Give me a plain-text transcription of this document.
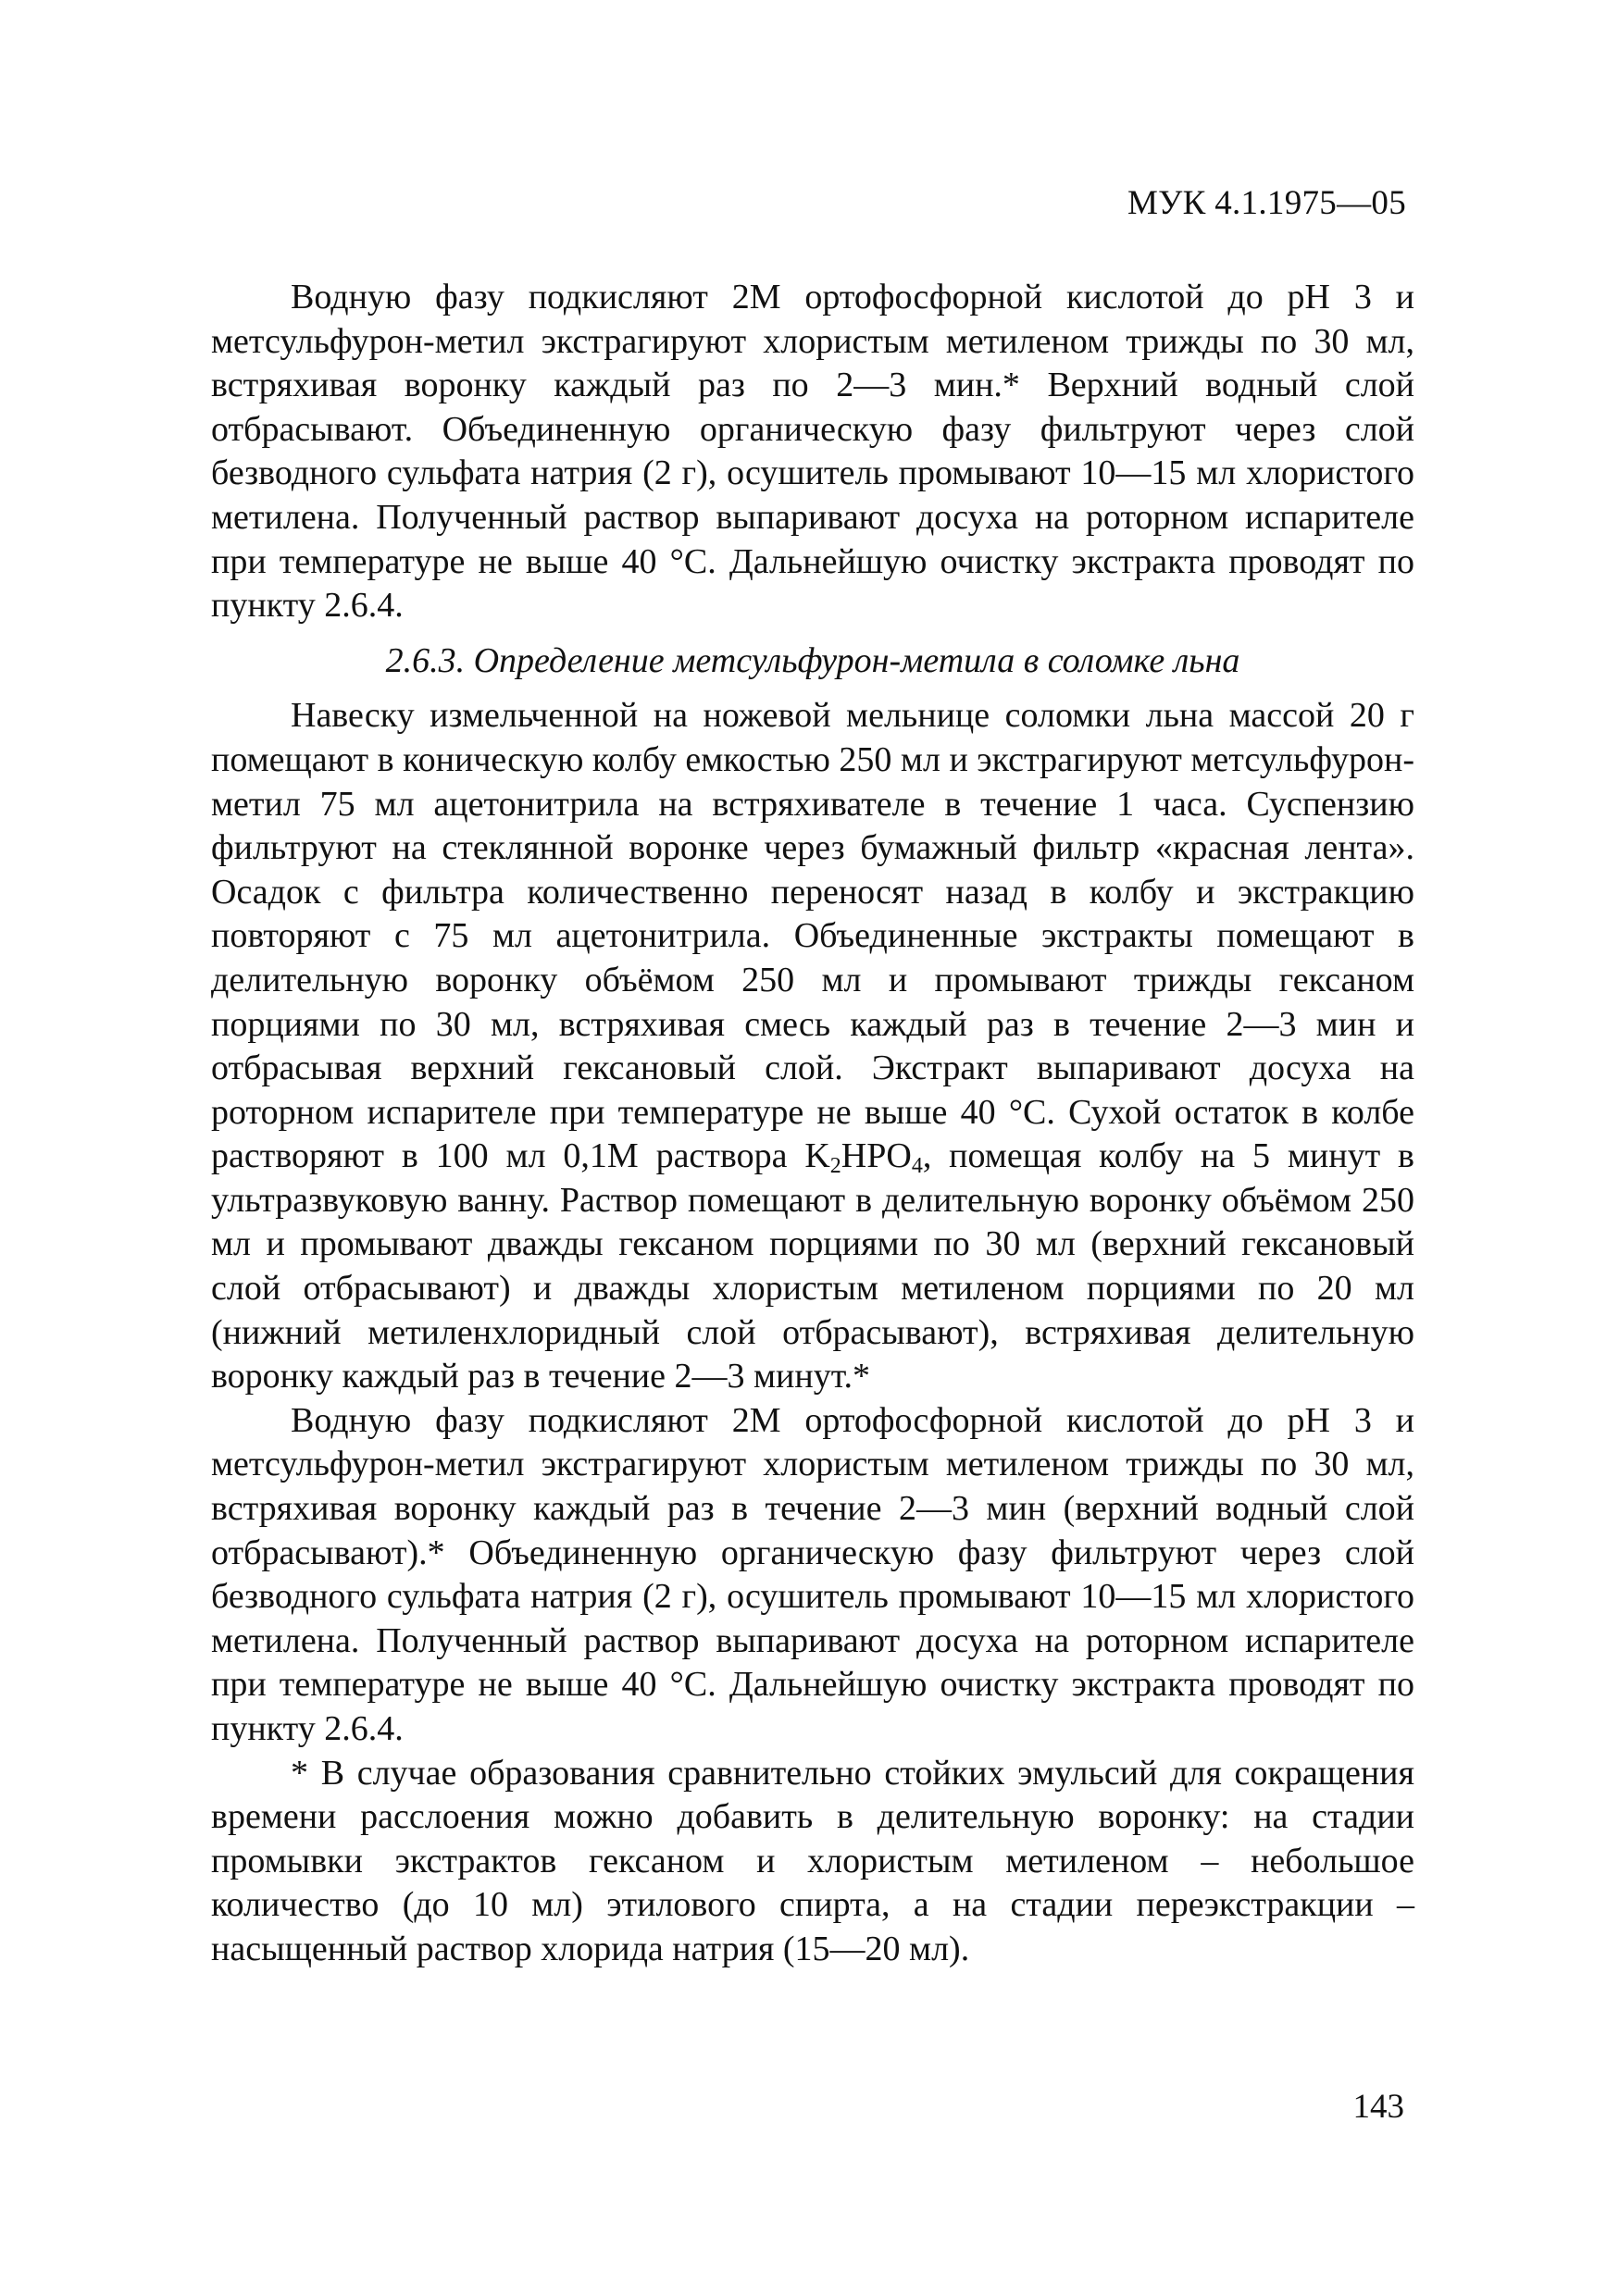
МУК 4.1.1975—05

Водную фазу подкисляют 2М ортофосфорной кислотой до рН 3 и метсульфурон-метил экстрагируют хлористым метиленом трижды по 30 мл, встряхивая воронку каждый раз по 2—3 мин.* Верхний водный слой отбрасывают. Объединенную органическую фазу фильтруют через слой безводного сульфата натрия (2 г), осушитель промывают 10—15 мл хлористого метилена. Полученный раствор выпаривают досуха на роторном испарителе при температуре не выше 40 °С. Дальнейшую очистку экстракта проводят по пункту 2.6.4.

2.6.3. Определение метсульфурон-метила в соломке льна

Навеску измельченной на ножевой мельнице соломки льна массой 20 г помещают в коническую колбу емкостью 250 мл и экстрагируют метсульфурон-метил 75 мл ацетонитрила на встряхивателе в течение 1 часа. Суспензию фильтруют на стеклянной воронке через бумажный фильтр «красная лента». Осадок с фильтра количественно переносят назад в колбу и экстракцию повторяют с 75 мл ацетонитрила. Объединенные экстракты помещают в делительную воронку объёмом 250 мл и промывают трижды гексаном порциями по 30 мл, встряхивая смесь каждый раз в течение 2—3 мин и отбрасывая верхний гексановый слой. Экстракт выпаривают досуха на роторном испарителе при температуре не выше 40 °С. Сухой остаток в колбе растворяют в 100 мл 0,1М раствора $K_2HPO_4$, помещая колбу на 5 минут в ультразвуковую ванну. Раствор помещают в делительную воронку объёмом 250 мл и промывают дважды гексаном порциями по 30 мл (верхний гексановый слой отбрасывают) и дважды хлористым метиленом порциями по 20 мл (нижний метиленхлоридный слой отбрасывают), встряхивая делительную воронку каждый раз в течение 2—3 минут.*

Водную фазу подкисляют 2М ортофосфорной кислотой до рН 3 и метсульфурон-метил экстрагируют хлористым метиленом трижды по 30 мл, встряхивая воронку каждый раз в течение 2—3 мин (верхний водный слой отбрасывают).* Объединенную органическую фазу фильтруют через слой безводного сульфата натрия (2 г), осушитель промывают 10—15 мл хлористого метилена. Полученный раствор выпаривают досуха на роторном испарителе при температуре не выше 40 °С. Дальнейшую очистку экстракта проводят по пункту 2.6.4.

* В случае образования сравнительно стойких эмульсий для сокращения времени расслоения можно добавить в делительную воронку: на стадии промывки экстрактов гексаном и хлористым метиленом – небольшое количество (до 10 мл) этилового спирта, а на стадии переэкстракции – насыщенный раствор хлорида натрия (15—20 мл).

143
